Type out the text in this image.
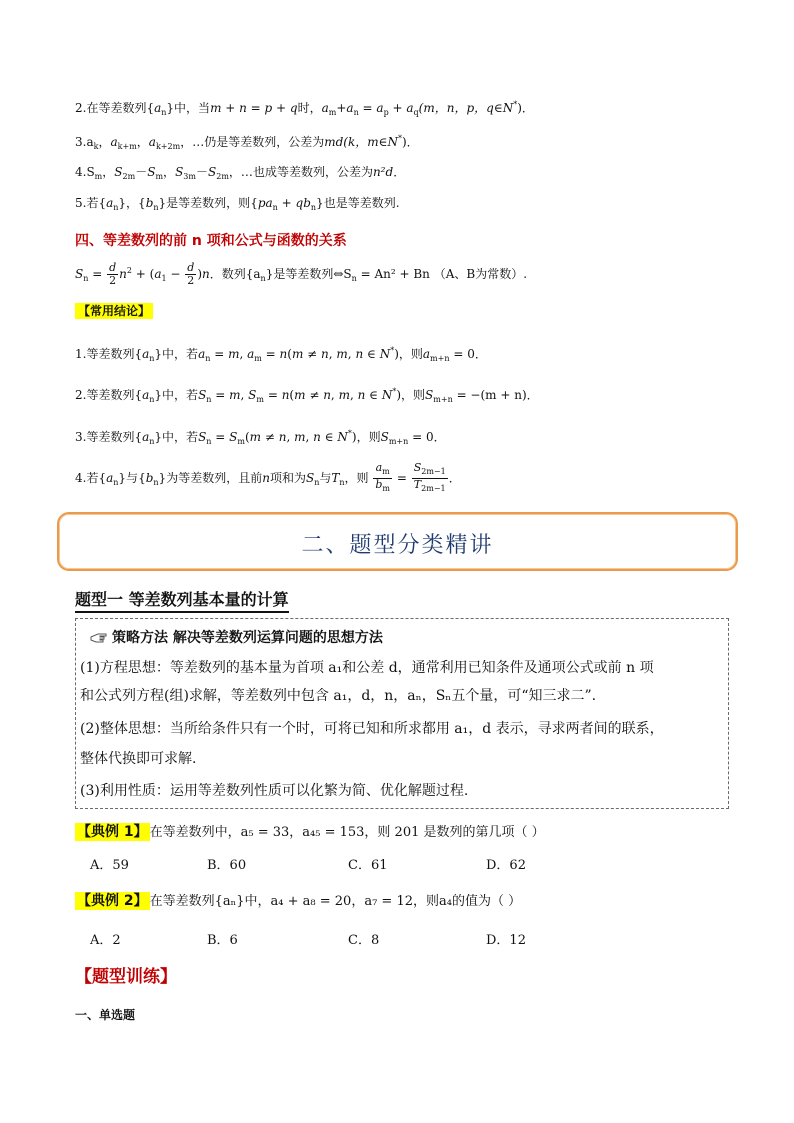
2.在等差数列$\{a_n\}$中，当m + n = p + q时，$a_m+a_n = a_p + a_q(m$，n，p，q∈N*)．
$3.a_k$，$a_{k+m}$，$a_{k+2m}$，…仍是等差数列，公差为md(k，m∈N*)．
$4.S_m$，$S_{2m}-S_m$，$S_{3m}-S_{2m}$，…也成等差数列，公差为n²d．
5.若$\{a_n\}$，$\{b_n\}$是等差数列，则$\{pa_n + qb_n\}$也是等差数列.
四、等差数列的前 n 项和公式与函数的关系
$S_n = \frac{d}{2} n^2 + (a_1 - \frac{d}{2} )n$．数列$\{a_n\}$是等差数列$\Leftrightarrow S_n = An^2 + Bn$ （A、B为常数）.
【常用结论】
1.等差数列$\{a_n\}$中，若$a_n = m$, $a_m = n(m \ne n$, m, n ∈ N*)，则$a_{m+n} = 0$．
2.等差数列$\{a_n\}$中，若$S_n = m$, $S_m = n(m \ne n$, m, n ∈ N*)，则$S_{m+n} = -(m + n)$．
3.等差数列$\{a_n\}$中，若$S_n = S_m(m \ne n$, m, n ∈ N*)，则$S_{m+n} = 0$．
4.若$\{a_n\}$与$\{b_n\}$为等差数列，且前n项和为$S_n$与$T_n$，则 $\frac{a_m}{b_m} = \frac{S_{2m-1}}{T_{2m-1}}$ ．
二、题型分类精讲
题型一 等差数列基本量的计算
策略方法 解决等差数列运算问题的思想方法
(1)方程思想：等差数列的基本量为首项 a₁和公差 d，通常利用已知条件及通项公式或前 n 项
和公式列方程(组)求解，等差数列中包含 a₁，d，n，aₙ，Sₙ五个量，可“知三求二”.
(2)整体思想：当所给条件只有一个时，可将已知和所求都用 a₁，d 表示，寻求两者间的联系，
整体代换即可求解.
(3)利用性质：运用等差数列性质可以化繁为简、优化解题过程.
【典例 1】 在等差数列中，a₅ = 33，a₄₅ = 153，则 201 是数列的第几项（ ）
A．59	B．60	C．61	D．62
【典例 2】 在等差数列{aₙ}中，a₄ + a₈ = 20，a₇ = 12，则a₄的值为（ ）
A．2	B．6	C．8	D．12
【题型训练】
一、单选题
